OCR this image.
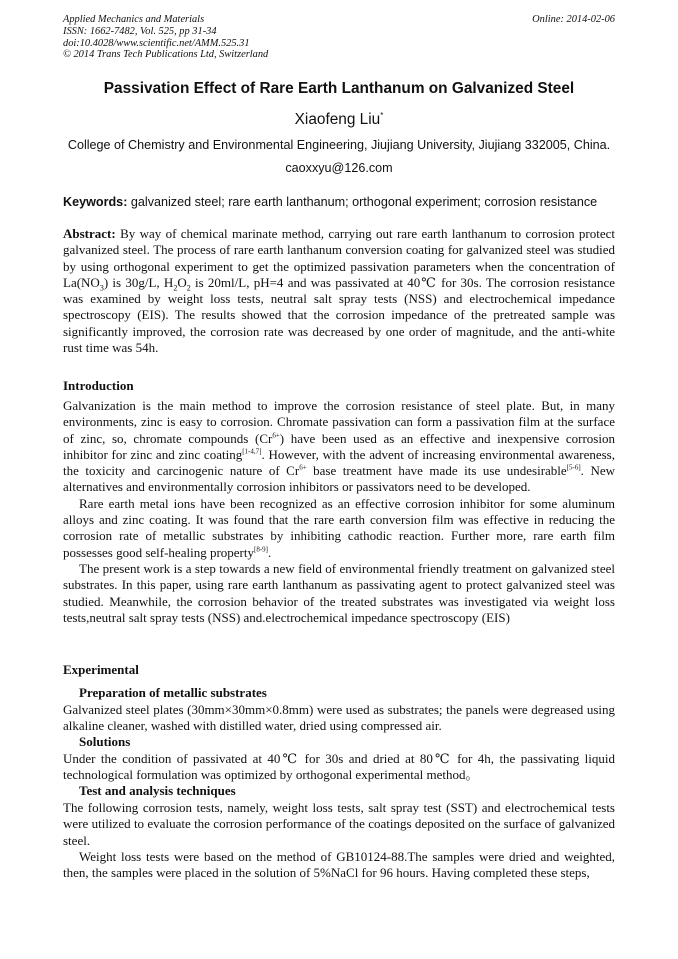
Applied Mechanics and Materials
ISSN: 1662-7482, Vol. 525, pp 31-34
doi:10.4028/www.scientific.net/AMM.525.31
© 2014 Trans Tech Publications Ltd, Switzerland
Online: 2014-02-06
Passivation Effect of Rare Earth Lanthanum on Galvanized Steel
Xiaofeng Liu*
College of Chemistry and Environmental Engineering, Jiujiang University, Jiujiang 332005, China.
caoxxyu@126.com
Keywords: galvanized steel; rare earth lanthanum; orthogonal experiment; corrosion resistance

Abstract: By way of chemical marinate method, carrying out rare earth lanthanum to corrosion protect galvanized steel. The process of rare earth lanthanum conversion coating for galvanized steel was studied by using orthogonal experiment to get the optimized passivation parameters when the concentration of $La(NO_3)$ is 30g/L, $H_2O_2$ is 20ml/L, pH=4 and was passivated at 40℃ for 30s. The corrosion resistance was examined by weight loss tests, neutral salt spray tests (NSS) and electrochemical impedance spectroscopy (EIS). The results showed that the corrosion impedance of the pretreated sample was significantly improved, the corrosion rate was decreased by one order of magnitude, and the anti-white rust time was 54h.

Introduction

Galvanization is the main method to improve the corrosion resistance of steel plate. But, in many environments, zinc is easy to corrosion. Chromate passivation can form a passivation film at the surface of zinc, so, chromate compounds $(Cr^{6+})$ have been used as an effective and inexpensive corrosion inhibitor for zinc and zinc coating[1-4,7]. However, with the advent of increasing environmental awareness, the toxicity and carcinogenic nature of $Cr^{6+}$ base treatment have made its use undesirable[5-6]. New alternatives and environmentally corrosion inhibitors or passivators need to be developed.

Rare earth metal ions have been recognized as an effective corrosion inhibitor for some aluminum alloys and zinc coating. It was found that the rare earth conversion film was effective in reducing the corrosion rate of metallic substrates by inhibiting cathodic reaction. Further more, rare earth film possesses good self-healing property[8-9].

The present work is a step towards a new field of environmental friendly treatment on galvanized steel substrates. In this paper, using rare earth lanthanum as passivating agent to protect galvanized steel was studied. Meanwhile, the corrosion behavior of the treated substrates was investigated via weight loss tests,neutral salt spray tests (NSS) and.electrochemical impedance spectroscopy (EIS)

Experimental
Preparation of metallic substrates
Galvanized steel plates (30mm×30mm×0.8mm) were used as substrates; the panels were degreased using alkaline cleaner, washed with distilled water, dried using compressed air.
Solutions
Under the condition of passivated at 40℃ for 30s and dried at 80℃ for 4h, the passivating liquid technological formulation was optimized by orthogonal experimental method。
Test and analysis techniques

The following corrosion tests, namely, weight loss tests, salt spray test (SST) and electrochemical tests were utilized to evaluate the corrosion performance of the coatings deposited on the surface of galvanized steel.

Weight loss tests were based on the method of GB10124-88.The samples were dried and weighted, then, the samples were placed in the solution of 5%NaCl for 96 hours. Having completed these steps,
